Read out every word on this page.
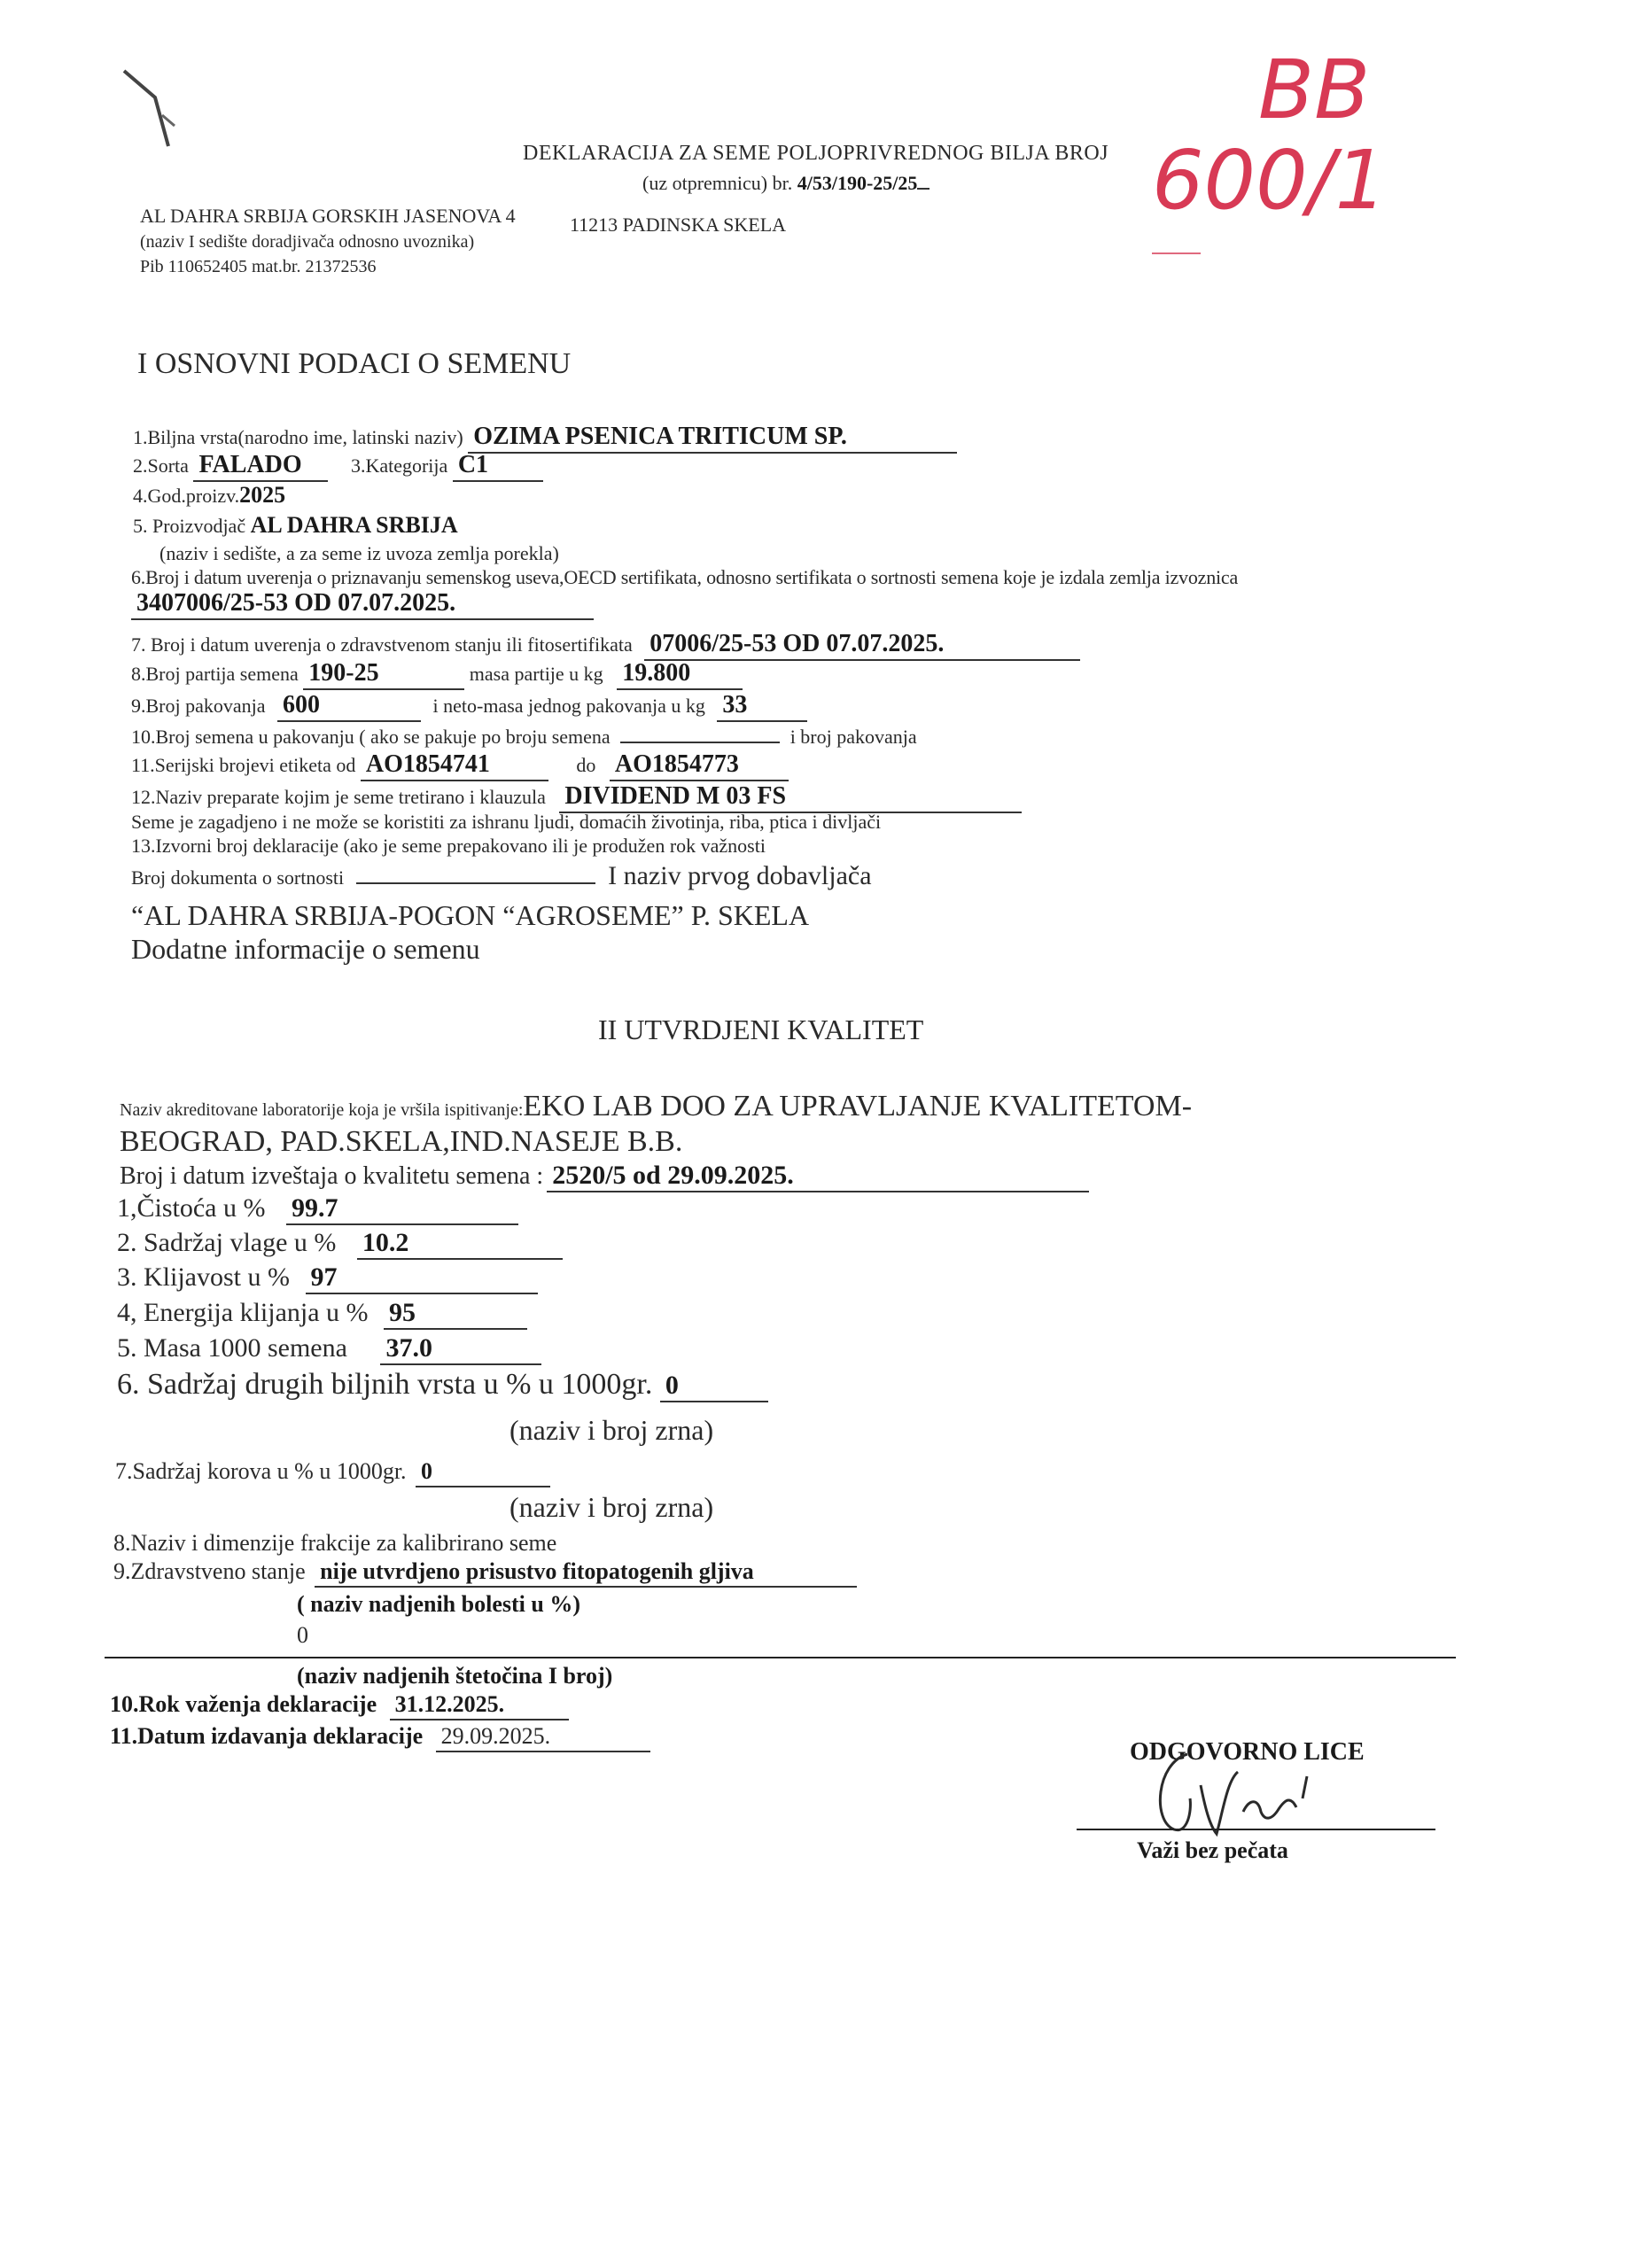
BB
600/1
DEKLARACIJA ZA SEME POLJOPRIVREDNOG BILJA BROJ
(uz otpremnicu) br. 4/53/190-25/25
AL DAHRA SRBIJA GORSKIH JASENOVA 4	11213 PADINSKA SKELA
(naziv I sedište doradjivača odnosno uvoznika)
Pib 110652405 mat.br. 21372536
I OSNOVNI PODACI O SEMENU
1.Biljna vrsta(narodno ime, latinski naziv) OZIMA PSENICA TRITICUM SP.
2.Sorta FALADO	3.Kategorija C1
4.God.proizv.2025
5. Proizvodjač AL DAHRA SRBIJA
(naziv i sedište, a za seme iz uvoza zemlja porekla)
6.Broj i datum uverenja o priznavanju semenskog useva,OECD sertifikata, odnosno sertifikata o sortnosti semena koje je izdala zemlja izvoznica
3407006/25-53 OD 07.07.2025.
7. Broj i datum uverenja o zdravstvenom stanju ili fitosertifikata 07006/25-53 OD 07.07.2025.
8.Broj partija semena 190-25	masa partije u kg 19.800
9.Broj pakovanja 600	i neto-masa jednog pakovanja u kg 33
10.Broj semena u pakovanju ( ako se pakuje po broju semena	i broj pakovanja
11.Serijski brojevi etiketa od AO1854741	do AO1854773
12.Naziv preparate kojim je seme tretirano i klauzula DIVIDEND M 03 FS
Seme je zagadjeno i ne može se koristiti za ishranu ljudi, domaćih životinja, riba, ptica i divljači
13.Izvorni broj deklaracije (ako je seme prepakovano ili je produžen rok važnosti
Broj dokumenta o sortnosti	I naziv prvog dobavljača
“AL DAHRA SRBIJA-POGON “AGROSEME” P. SKELA
Dodatne informacije o semenu
II UTVRDJENI KVALITET
Naziv akreditovane laboratorije koja je vršila ispitivanje:EKO LAB DOO ZA UPRAVLJANJE KVALITETOM-
BEOGRAD, PAD.SKELA,IND.NASEJE B.B.
Broj i datum izveštaja o kvalitetu semena : 2520/5 od 29.09.2025.
1,Čistoća u % 99.7
2. Sadržaj vlage u % 10.2
3. Klijavost u % 97
4, Energija klijanja u % 95
5. Masa 1000 semena 37.0
6. Sadržaj drugih biljnih vrsta u % u 1000gr. 0
(naziv i broj zrna)
7.Sadržaj korova u % u 1000gr. 0
(naziv i broj zrna)
8.Naziv i dimenzije frakcije za kalibrirano seme
9.Zdravstveno stanje nije utvrdjeno prisustvo fitopatogenih gljiva
( naziv nadjenih bolesti u %)
0
(naziv nadjenih štetočina I broj)
10.Rok važenja deklaracije 31.12.2025.
11.Datum izdavanja deklaracije 29.09.2025.
ODGOVORNO LICE
Važi bez pečata
